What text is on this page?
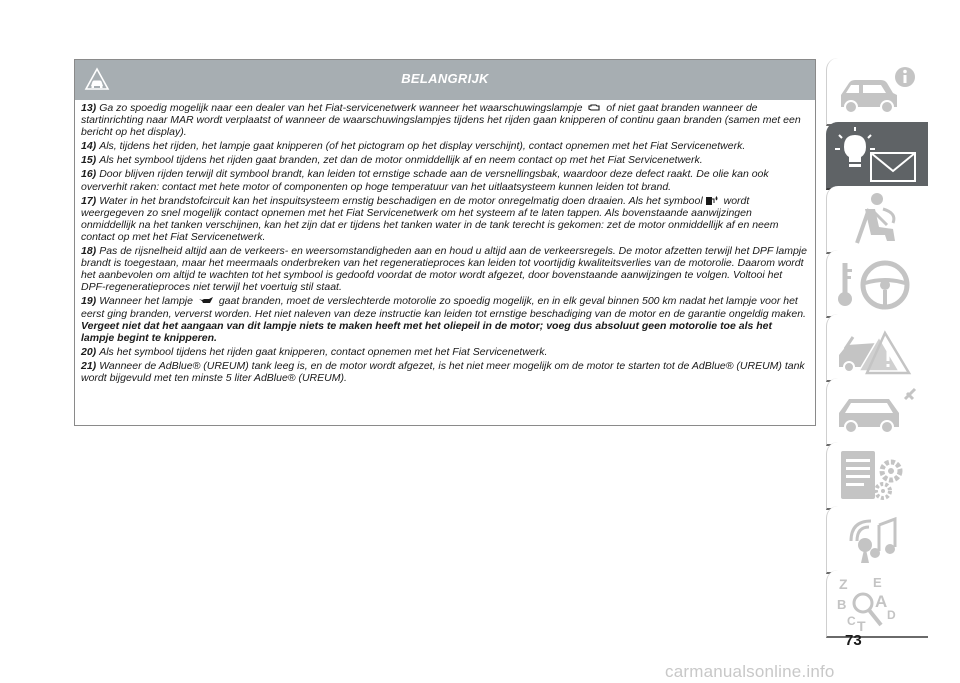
BELANGRIJK

13) Ga zo spoedig mogelijk naar een dealer van het Fiat-servicenetwerk wanneer het waarschuwingslampje of niet gaat branden wanneer de startinrichting naar MAR wordt verplaatst of wanneer de waarschuwingslampjes tijdens het rijden gaan knipperen of continu gaan branden (samen met een bericht op het display).

14) Als, tijdens het rijden, het lampje gaat knipperen (of het pictogram op het display verschijnt), contact opnemen met het Fiat Servicenetwerk.

15) Als het symbool tijdens het rijden gaat branden, zet dan de motor onmiddellijk af en neem contact op met het Fiat Servicenetwerk.

16) Door blijven rijden terwijl dit symbool brandt, kan leiden tot ernstige schade aan de versnellingsbak, waardoor deze defect raakt. De olie kan ook oververhit raken: contact met hete motor of componenten op hoge temperatuur van het uitlaatsysteem kunnen leiden tot brand.

17) Water in het brandstofcircuit kan het inspuitsysteem ernstig beschadigen en de motor onregelmatig doen draaien. Als het symbool wordt weergegeven zo snel mogelijk contact opnemen met het Fiat Servicenetwerk om het systeem af te laten tappen. Als bovenstaande aanwijzingen onmiddellijk na het tanken verschijnen, kan het zijn dat er tijdens het tanken water in de tank terecht is gekomen: zet de motor onmiddellijk af en neem contact op met het Fiat Servicenetwerk.

18) Pas de rijsnelheid altijd aan de verkeers- en weersomstandigheden aan en houd u altijd aan de verkeersregels. De motor afzetten terwijl het DPF lampje brandt is toegestaan, maar het meermaals onderbreken van het regeneratieproces kan leiden tot voortijdig kwaliteitsverlies van de motorolie. Daarom wordt het aanbevolen om altijd te wachten tot het symbool is gedoofd voordat de motor wordt afgezet, door bovenstaande aanwijzingen te volgen. Voltooi het DPF-regeneratieproces niet terwijl het voertuig stil staat.

19) Wanneer het lampje gaat branden, moet de verslechterde motorolie zo spoedig mogelijk, en in elk geval binnen 500 km nadat het lampje voor het eerst ging branden, ververst worden. Het niet naleven van deze instructie kan leiden tot ernstige beschadiging van de motor en de garantie ongeldig maken. Vergeet niet dat het aangaan van dit lampje niets te maken heeft met het oliepeil in de motor; voeg dus absoluut geen motorolie toe als het lampje begint te knipperen.

20) Als het symbool tijdens het rijden gaat knipperen, contact opnemen met het Fiat Servicenetwerk.

21) Wanneer de AdBlue® (UREUM) tank leeg is, en de motor wordt afgezet, is het niet meer mogelijk om de motor te starten tot de AdBlue® (UREUM) tank wordt bijgevuld met ten minste 5 liter AdBlue® (UREUM).

Z E
B A
C T
D
73
carmanualsonline.info
